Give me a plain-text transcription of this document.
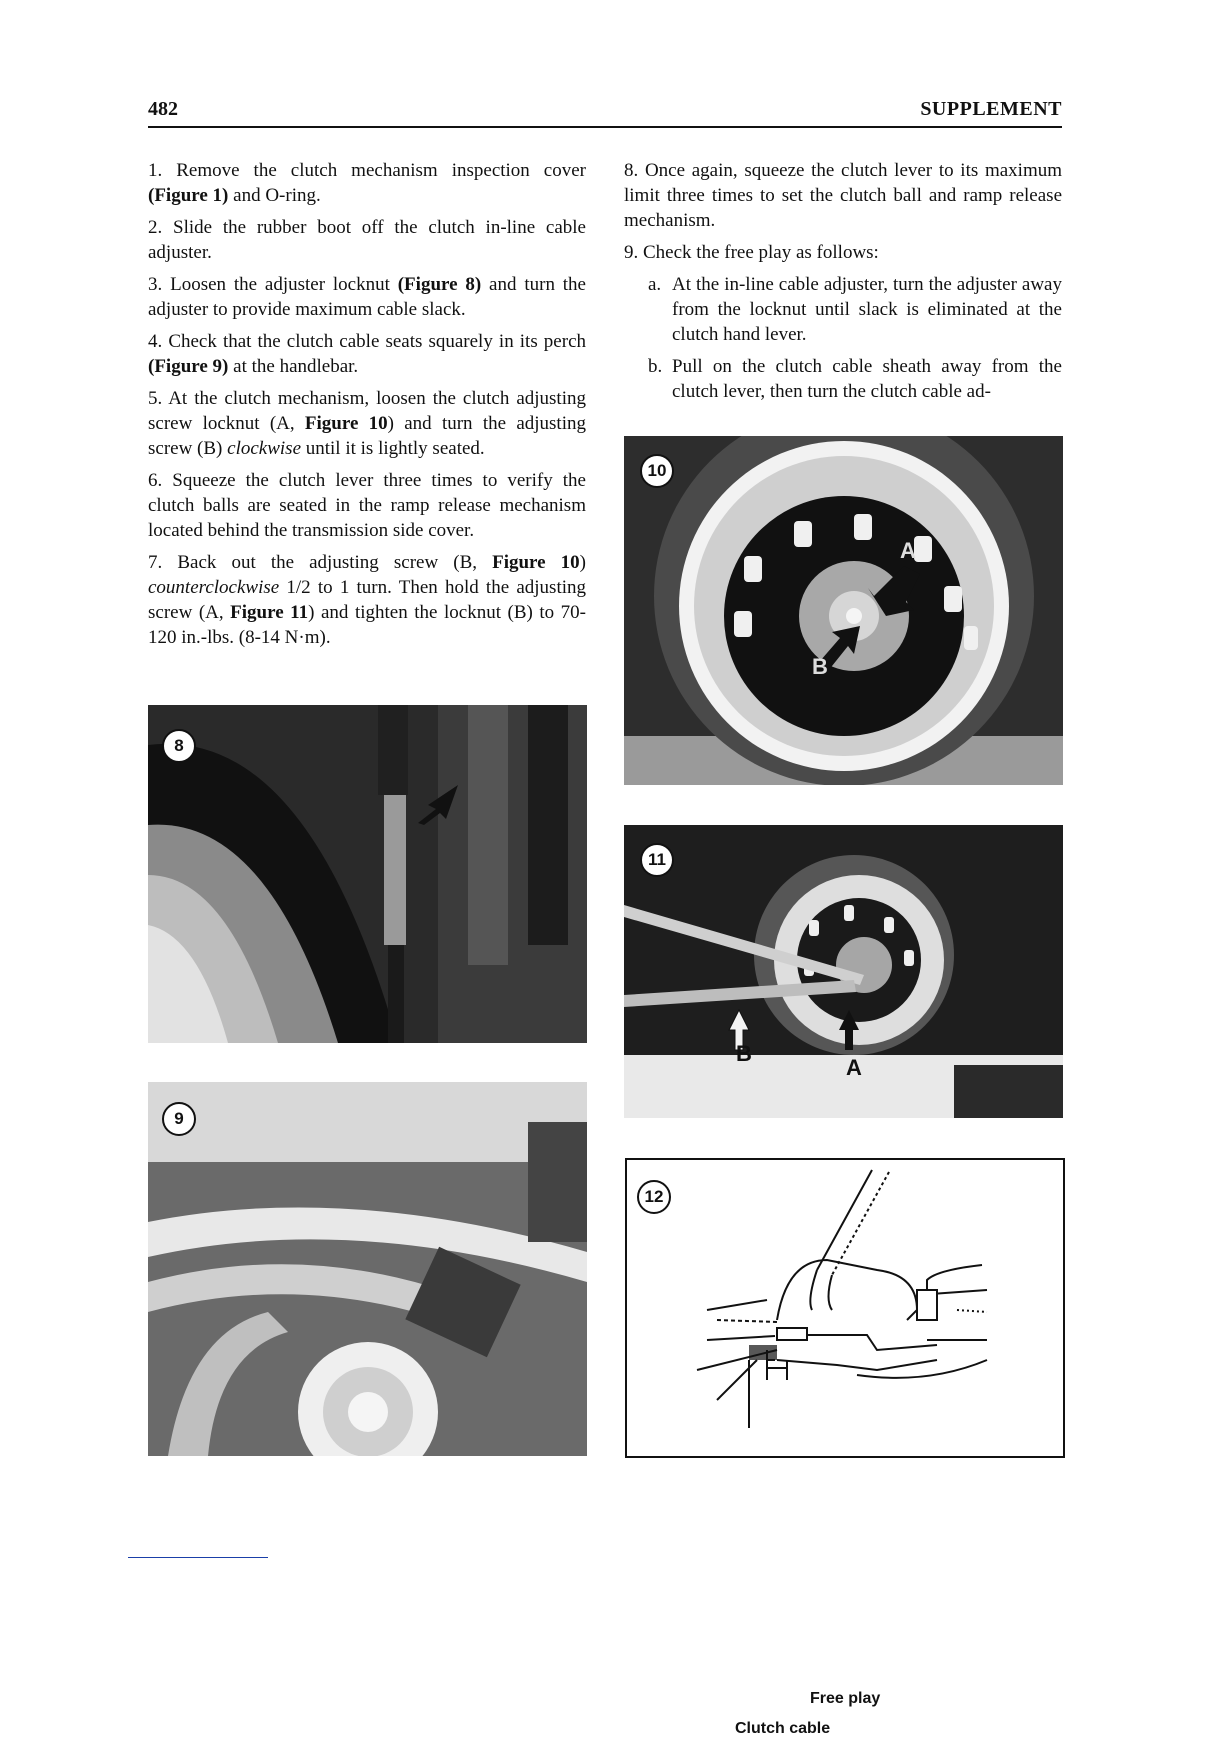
482	SUPPLEMENT

1. Remove the clutch mechanism inspection cover (Figure 1) and O-ring.

2. Slide the rubber boot off the clutch in-line cable adjuster.

3. Loosen the adjuster locknut (Figure 8) and turn the adjuster to provide maximum cable slack.

4. Check that the clutch cable seats squarely in its perch (Figure 9) at the handlebar.

5. At the clutch mechanism, loosen the clutch adjusting screw locknut (A, Figure 10) and turn the adjusting screw (B) clockwise until it is lightly seated.

6. Squeeze the clutch lever three times to verify the clutch balls are seated in the ramp release mechanism located behind the transmission side cover.

7. Back out the adjusting screw (B, Figure 10) counterclockwise 1/2 to 1 turn. Then hold the adjusting screw (A, Figure 11) and tighten the locknut (B) to 70-120 in.-lbs. (8-14 N·m).

8. Once again, squeeze the clutch lever to its maximum limit three times to set the clutch ball and ramp release mechanism.

9. Check the free play as follows:

a. At the in-line cable adjuster, turn the adjuster away from the locknut until slack is eliminated at the clutch hand lever.

b. Pull on the clutch cable sheath away from the clutch lever, then turn the clutch cable ad-

8
9
10
A
B
11
B
A
12
Free play
Clutch cable
